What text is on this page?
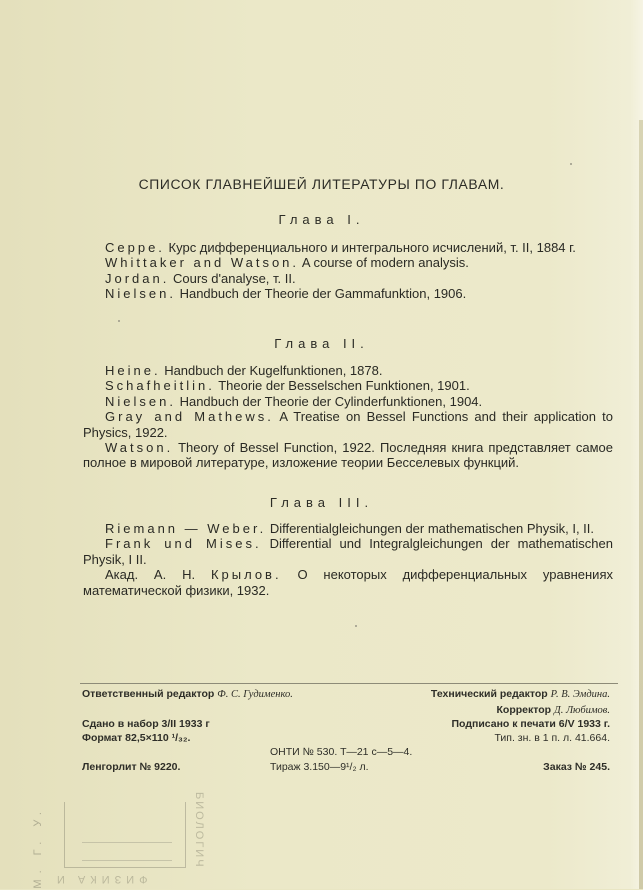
СПИСОК ГЛАВНЕЙШЕЙ ЛИТЕРАТУРЫ ПО ГЛАВАМ.
Глава I.

Серре. Курс дифференциального и интегрального исчислений, т. II, 1884 г.

Whittaker and Watson. A course of modern analysis.

Jordan. Cours d'analyse, т. II.

Nielsen. Handbuch der Theorie der Gammafunktion, 1906.

Глава II.

Heine. Handbuch der Kugelfunktionen, 1878.

Schafheitlin. Theorie der Besselschen Funktionen, 1901.

Nielsen. Handbuch der Theorie der Cylinderfunktionen, 1904.

Gray and Mathews. A Treatise on Bessel Functions and their application to Physics, 1922.

Watson. Theory of Bessel Function, 1922. Последняя книга представляет самое полное в мировой литературе, изложение теории Бесселевых функций.

Глава III.

Riemann — Weber. Differentialgleichungen der mathematischen Physik, I, II.

Frank und Mises. Differential und Integralgleichungen der mathematischen Physik, I II.

Акад. А. Н. Крылов. О некоторых дифференциальных уравнениях математической физики, 1932.

Ответственный редактор Ф. С. Гудименко.	Технический редактор Р. В. Эмдина.
Корректор Д. Любимов.
Сдано в набор 3/II 1933 г	Подписано к печати 6/V 1933 г.
Формат 82,5×110 ¹/₃₂.	Тип. зн. в 1 п. л. 41.664.
ОНТИ № 530. Т—21 с—5—4.
Ленгорлит № 9220.	Тираж 3.150—9¹/₂ л.	Заказ № 245.
М. Г. У.	БИОЛОГИЧ
ФИЗИКА И
